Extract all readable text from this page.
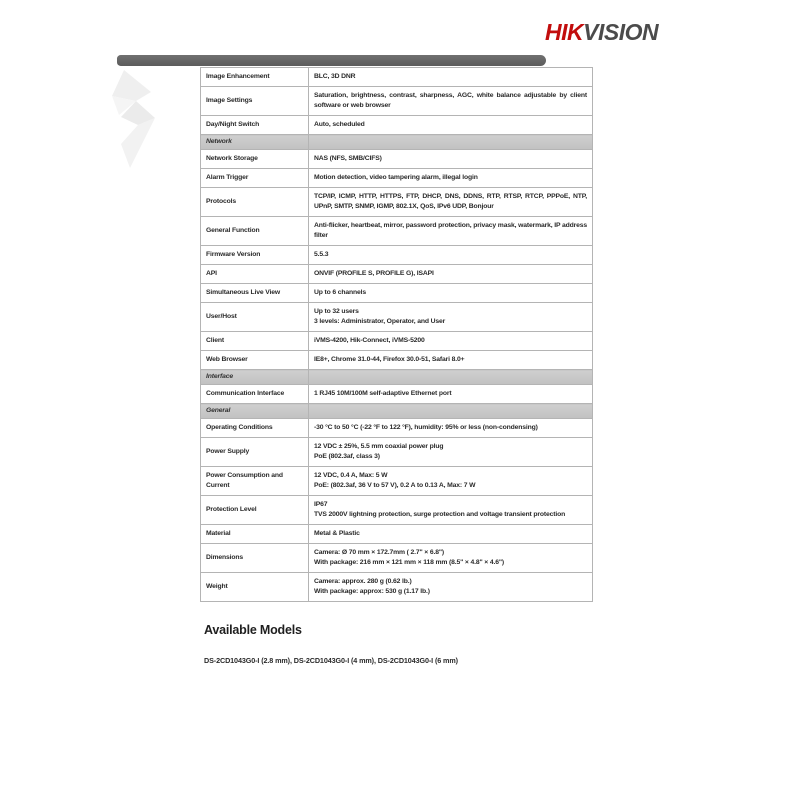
HIKVISION
Image Enhancement	BLC, 3D DNR

Image Settings	Saturation, brightness, contrast, sharpness, AGC, white balance adjustable by client software or web browser

Day/Night Switch	Auto, scheduled

Network	
Network Storage	NAS (NFS, SMB/CIFS)

Alarm Trigger	Motion detection, video tampering alarm, illegal login

Protocols	TCP/IP, ICMP, HTTP, HTTPS, FTP, DHCP, DNS, DDNS, RTP, RTSP, RTCP, PPPoE, NTP, UPnP, SMTP, SNMP, IGMP, 802.1X, QoS, IPv6 UDP, Bonjour

General Function	Anti-flicker, heartbeat, mirror, password protection, privacy mask, watermark, IP address filter

Firmware Version	5.5.3

API	ONVIF (PROFILE S, PROFILE G), ISAPI

Simultaneous Live View	Up to 6 channels

User/Host	Up to 32 users
3 levels: Administrator, Operator, and User

Client	iVMS-4200, Hik-Connect, iVMS-5200

Web Browser	IE8+, Chrome 31.0-44, Firefox 30.0-51, Safari 8.0+

Interface	
Communication Interface	1 RJ45 10M/100M self-adaptive Ethernet port

General	
Operating Conditions	-30 °C to 50 °C (-22 °F to 122 °F), humidity: 95% or less (non-condensing)

Power Supply	12 VDC ± 25%, 5.5 mm coaxial power plug
PoE (802.3af, class 3)

Power Consumption and Current	12 VDC, 0.4 A, Max: 5 W
PoE: (802.3af, 36 V to 57 V), 0.2 A to 0.13 A, Max: 7 W

Protection Level	IP67
TVS 2000V lightning protection, surge protection and voltage transient protection

Material	Metal & Plastic

Dimensions	Camera: Ø 70 mm × 172.7mm ( 2.7" × 6.8")
With package: 216 mm × 121 mm × 118 mm (8.5" × 4.8" × 4.6")

Weight	Camera: approx. 280 g (0.62 lb.)
With package: approx: 530 g (1.17 lb.)
Available Models
DS-2CD1043G0-I (2.8 mm), DS-2CD1043G0-I (4 mm), DS-2CD1043G0-I (6 mm)
